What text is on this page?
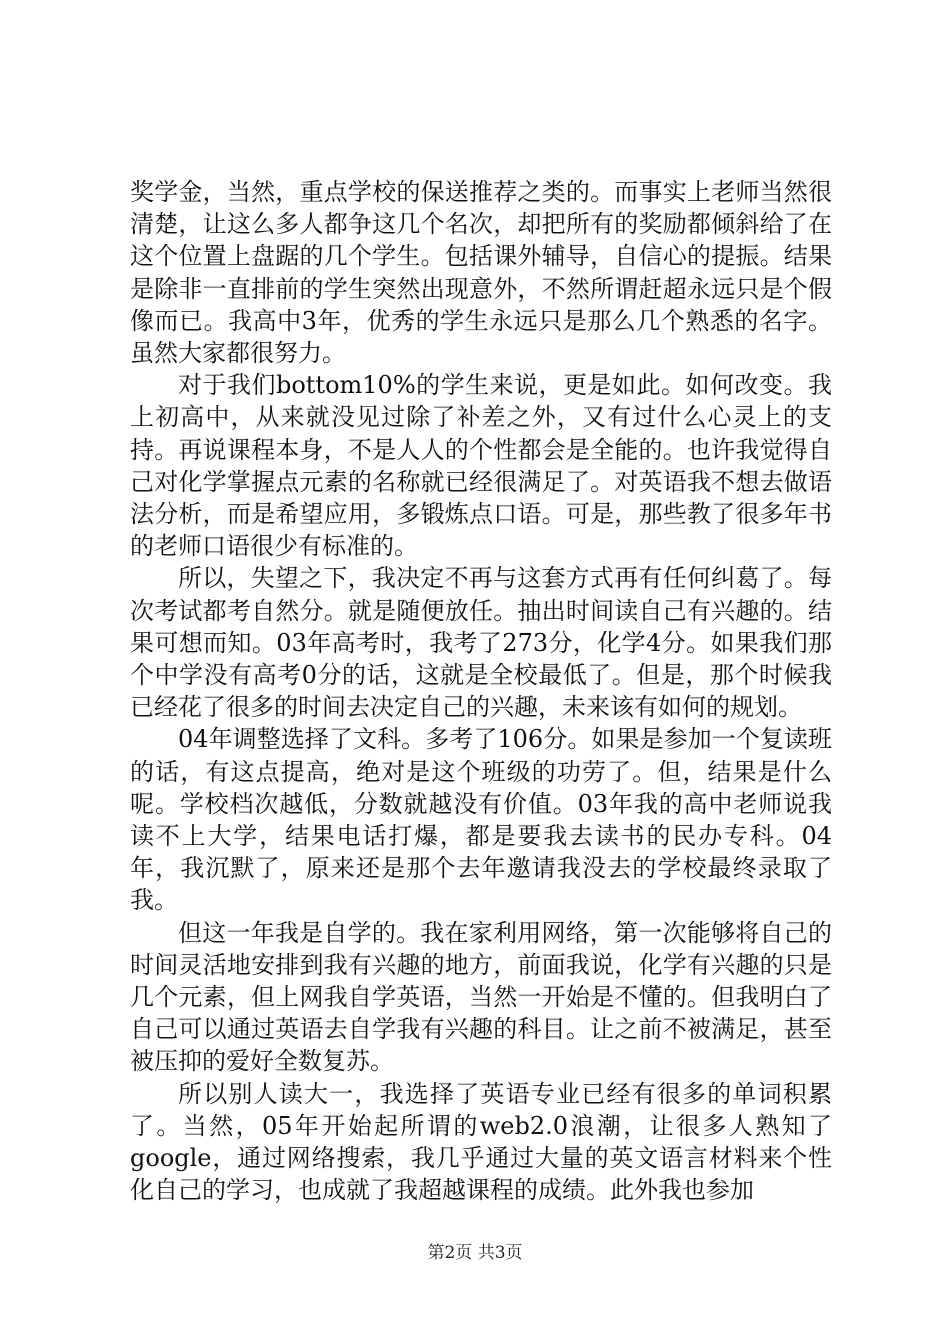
奖学金，当然，重点学校的保送推荐之类的。而事实上老师当然很清楚，让这么多人都争这几个名次，却把所有的奖励都倾斜给了在这个位置上盘踞的几个学生。包括课外辅导，自信心的提振。结果是除非一直排前的学生突然出现意外，不然所谓赶超永远只是个假像而已。我高中3年，优秀的学生永远只是那么几个熟悉的名字。虽然大家都很努力。

对于我们bottom10%的学生来说，更是如此。如何改变。我上初高中，从来就没见过除了补差之外，又有过什么心灵上的支持。再说课程本身，不是人人的个性都会是全能的。也许我觉得自己对化学掌握点元素的名称就已经很满足了。对英语我不想去做语法分析，而是希望应用，多锻炼点口语。可是，那些教了很多年书的老师口语很少有标准的。

所以，失望之下，我决定不再与这套方式再有任何纠葛了。每次考试都考自然分。就是随便放任。抽出时间读自己有兴趣的。结果可想而知。03年高考时，我考了273分，化学4分。如果我们那个中学没有高考0分的话，这就是全校最低了。但是，那个时候我已经花了很多的时间去决定自己的兴趣，未来该有如何的规划。

04年调整选择了文科。多考了106分。如果是参加一个复读班的话，有这点提高，绝对是这个班级的功劳了。但，结果是什么呢。学校档次越低，分数就越没有价值。03年我的高中老师说我读不上大学，结果电话打爆，都是要我去读书的民办专科。04年，我沉默了，原来还是那个去年邀请我没去的学校最终录取了我。

但这一年我是自学的。我在家利用网络，第一次能够将自己的时间灵活地安排到我有兴趣的地方，前面我说，化学有兴趣的只是几个元素，但上网我自学英语，当然一开始是不懂的。但我明白了自己可以通过英语去自学我有兴趣的科目。让之前不被满足，甚至被压抑的爱好全数复苏。

所以别人读大一，我选择了英语专业已经有很多的单词积累了。当然，05年开始起所谓的web2.0浪潮，让很多人熟知了google，通过网络搜索，我几乎通过大量的英文语言材料来个性化自己的学习，也成就了我超越课程的成绩。此外我也参加

第2页 共3页
